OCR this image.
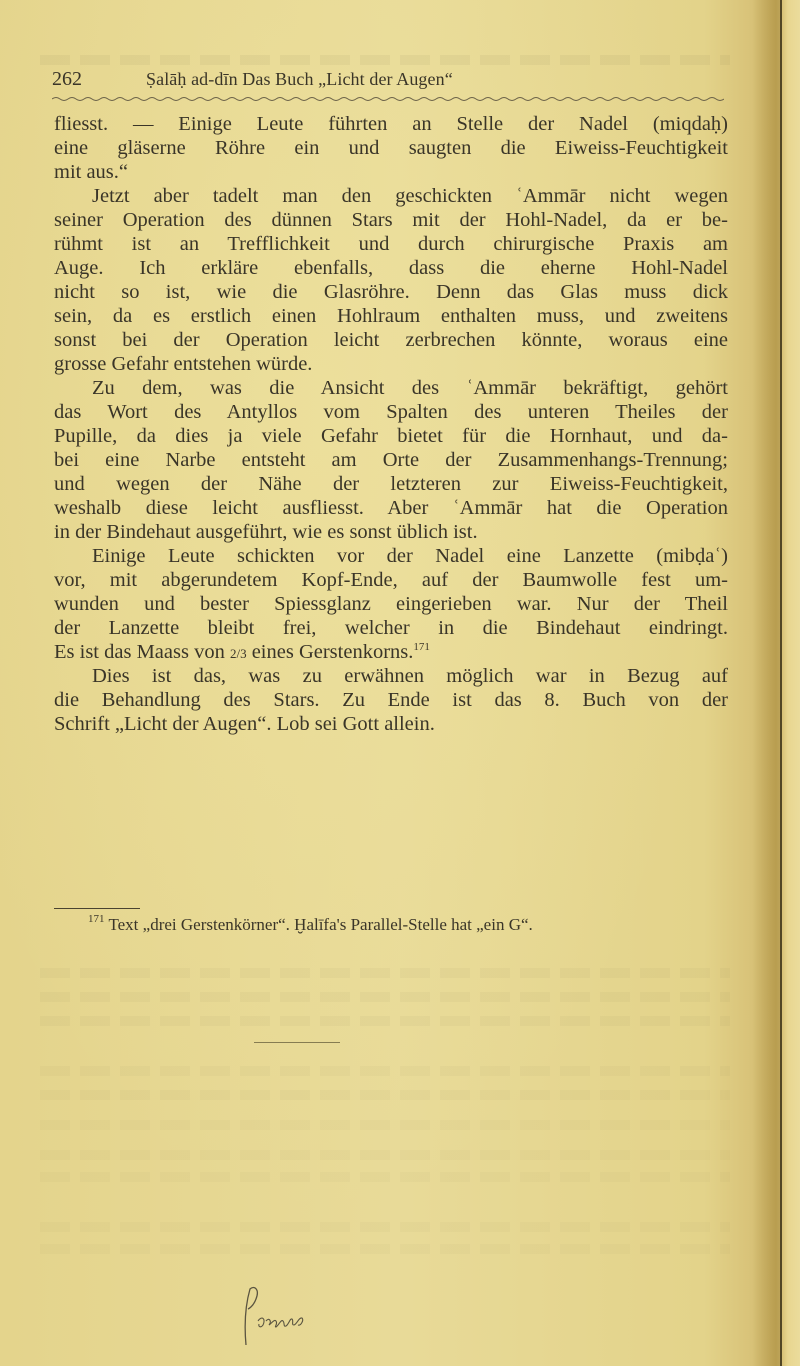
262	Ṣalāḥ ad-dīn Das Buch „Licht der Augen“
fliesst. — Einige Leute führten an Stelle der Nadel (miqdaḥ)
eine gläserne Röhre ein und saugten die Eiweiss-Feuchtigkeit
mit aus.“
Jetzt aber tadelt man den geschickten ʿAmmār nicht wegen
seiner Operation des dünnen Stars mit der Hohl-Nadel, da er be-
rühmt ist an Trefflichkeit und durch chirurgische Praxis am
Auge. Ich erkläre ebenfalls, dass die eherne Hohl-Nadel
nicht so ist, wie die Glasröhre. Denn das Glas muss dick
sein, da es erstlich einen Hohlraum enthalten muss, und zweitens
sonst bei der Operation leicht zerbrechen könnte, woraus eine
grosse Gefahr entstehen würde.
Zu dem, was die Ansicht des ʿAmmār bekräftigt, gehört
das Wort des Antyllos vom Spalten des unteren Theiles der
Pupille, da dies ja viele Gefahr bietet für die Hornhaut, und da-
bei eine Narbe entsteht am Orte der Zusammenhangs-Trennung;
und wegen der Nähe der letzteren zur Eiweiss-Feuchtigkeit,
weshalb diese leicht ausfliesst. Aber ʿAmmār hat die Operation
in der Bindehaut ausgeführt, wie es sonst üblich ist.
Einige Leute schickten vor der Nadel eine Lanzette (mibḍaʿ)
vor, mit abgerundetem Kopf-Ende, auf der Baumwolle fest um-
wunden und bester Spiessglanz eingerieben war. Nur der Theil
der Lanzette bleibt frei, welcher in die Bindehaut eindringt.
Es ist das Maass von 2/3 eines Gerstenkorns.$^{171}$
Dies ist das, was zu erwähnen möglich war in Bezug auf
die Behandlung des Stars. Zu Ende ist das 8. Buch von der
Schrift „Licht der Augen“. Lob sei Gott allein.
$^{171}$ Text „drei Gerstenkörner“. Ḫalīfa's Parallel-Stelle hat „ein G“.
